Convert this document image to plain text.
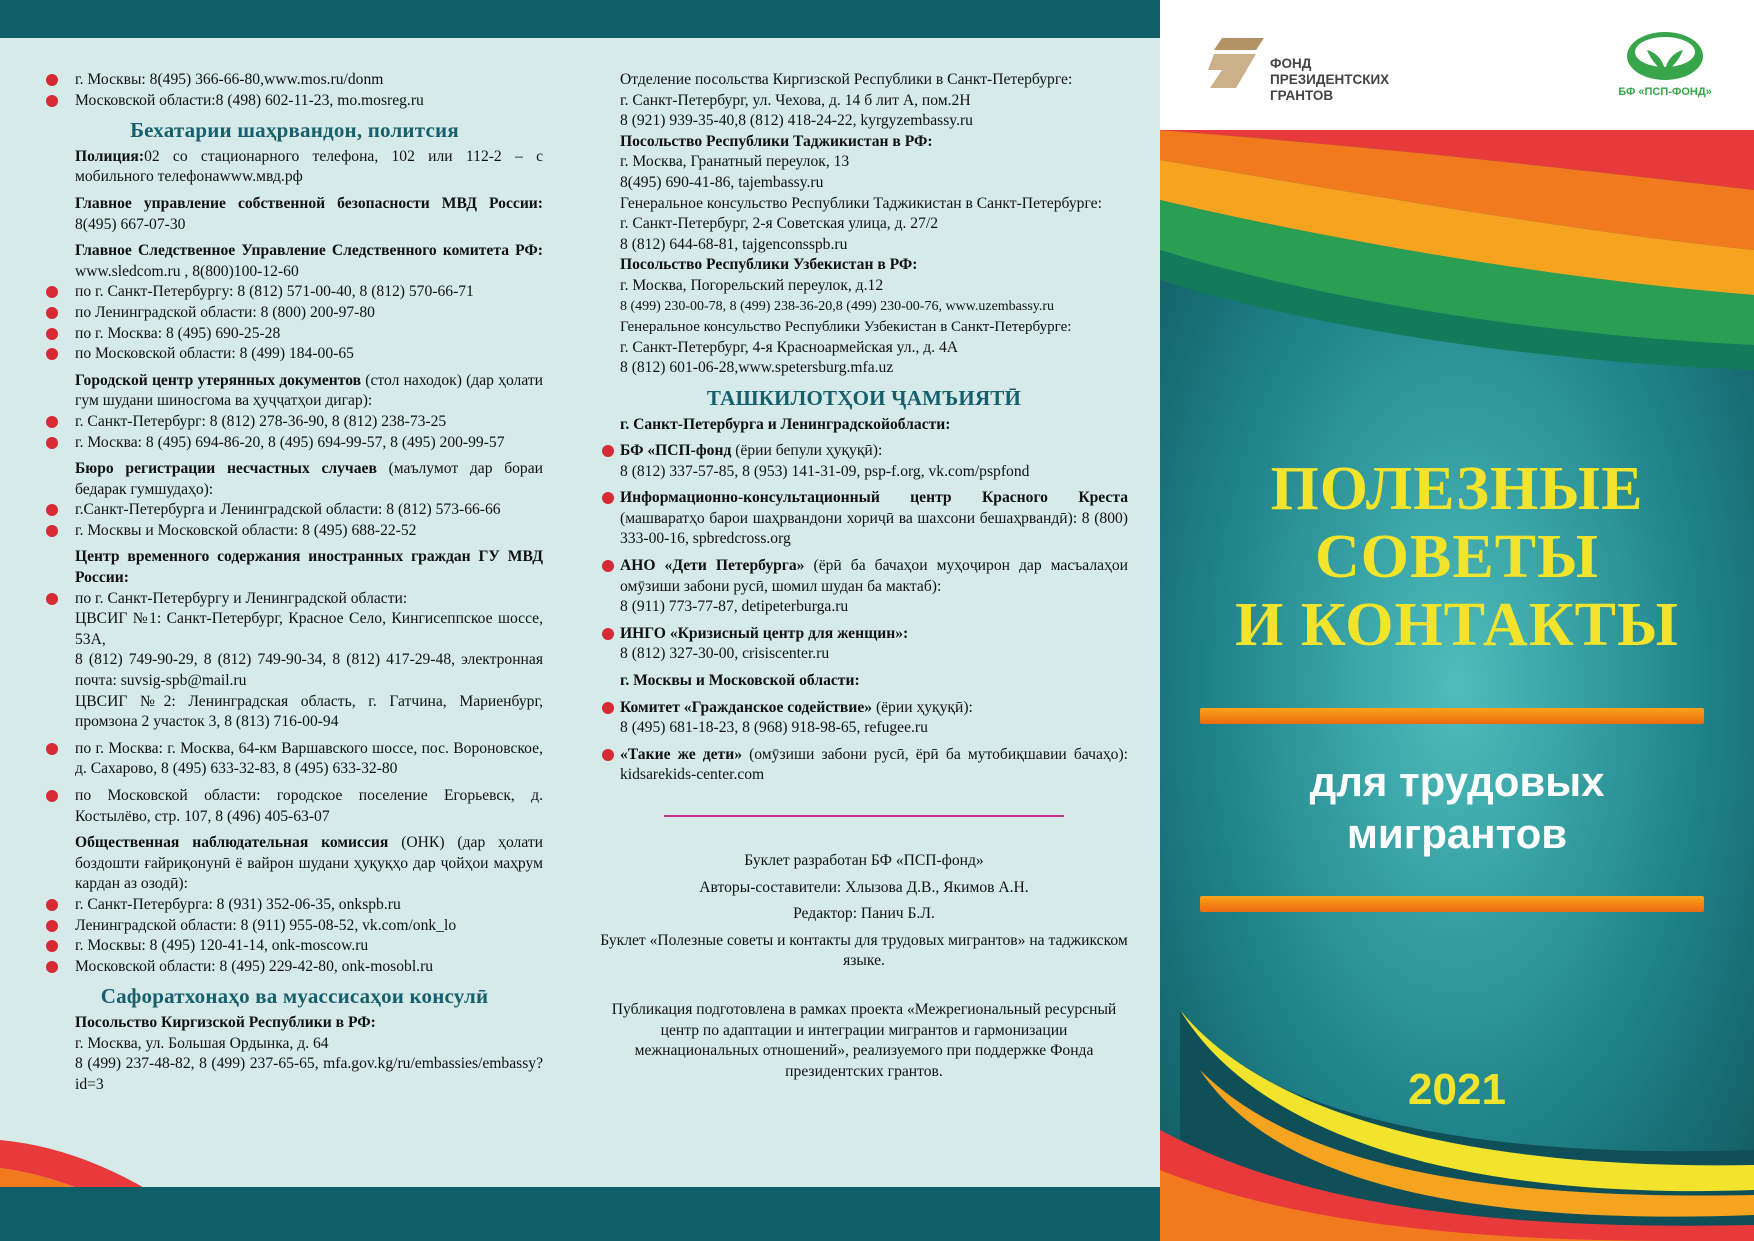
г. Москвы: 8(495) 366-66-80,www.mos.ru/donm

Московской области:8 (498) 602-11-23, mo.mosreg.ru

Бехатарии шаҳрвандон, политсия

Полиция:02 со стационарного телефона, 102 или 112-2 – с мобильного телефонаwww.мвд.рф

Главное управление собственной безопасности МВД России: 8(495) 667-07-30

Главное Следственное Управление Следственного комитета РФ: www.sledcom.ru , 8(800)100-12-60

по г. Санкт-Петербургу: 8 (812) 571-00-40, 8 (812) 570-66-71

по Ленинградской области: 8 (800) 200-97-80

по г. Москва: 8 (495) 690-25-28

по Московской области: 8 (499) 184-00-65

Городской центр утерянных документов (стол находок) (дар ҳолати гум шудани шиносгома ва ҳуҷҷатҳои дигар):

г. Санкт-Петербург: 8 (812) 278-36-90, 8 (812) 238-73-25

г. Москва: 8 (495) 694-86-20, 8 (495) 694-99-57, 8 (495) 200-99-57

Бюро регистрации несчастных случаев (маълумот дар бораи бедарак гумшудаҳо):

г.Санкт-Петербурга и Ленинградской области: 8 (812) 573-66-66

г. Москвы и Московской области: 8 (495) 688-22-52

Центр временного содержания иностранных граждан ГУ МВД России:

по г. Санкт-Петербургу и Ленинградской области:

ЦВСИГ №1: Санкт-Петербург, Красное Село, Кингисеппское шоссе, 53А,

8 (812) 749-90-29, 8 (812) 749-90-34, 8 (812) 417-29-48, электронная почта: suvsig-spb@mail.ru

ЦВСИГ №2: Ленинградская область, г. Гатчина, Мариенбург, промзона 2 участок 3, 8 (813) 716-00-94

по г. Москва: г. Москва, 64-км Варшавского шоссе, пос. Вороновское, д. Сахарово, 8 (495) 633-32-83, 8 (495) 633-32-80

по Московской области: городское поселение Егорьевск, д. Костылёво, стр. 107, 8 (496) 405-63-07

Общественная наблюдательная комиссия (ОНК) (дар ҳолати боздошти ғайриқонунӣ ё вайрон шудани ҳуқуқҳо дар ҷойҳои маҳрум кардан аз озодӣ):

г. Санкт-Петербурга: 8 (931) 352-06-35, onkspb.ru

Ленинградской области: 8 (911) 955-08-52, vk.com/onk_lo

г. Москвы: 8 (495) 120-41-14, onk-moscow.ru

Московской области: 8 (495) 229-42-80, onk-mosobl.ru

Сафоратхонаҳо ва муассисаҳои консулӣ

Посольство Киргизской Республики в РФ:

г. Москва, ул. Большая Ордынка, д. 64

8 (499) 237-48-82, 8 (499) 237-65-65, mfa.gov.kg/ru/embassies/embassy?id=3

Отделение посольства Киргизской Республики в Санкт-Петербурге:

г. Санкт-Петербург, ул. Чехова, д. 14 б лит А, пом.2Н

8 (921) 939-35-40,8 (812) 418-24-22, kyrgyzembassy.ru

Посольство Республики Таджикистан в РФ:

г. Москва, Гранатный переулок, 13

8(495) 690-41-86, tajembassy.ru

Генеральное консульство Республики Таджикистан в Санкт-Петербурге:

г. Санкт-Петербург, 2-я Советская улица, д. 27/2

8 (812) 644-68-81, tajgenconsspb.ru

Посольство Республики Узбекистан в РФ:

г. Москва, Погорельский переулок, д.12

8 (499) 230-00-78, 8 (499) 238-36-20,8 (499) 230-00-76, www.uzembassy.ru

Генеральное консульство Республики Узбекистан в Санкт-Петербурге:

г. Санкт-Петербург, 4-я Красноармейская ул., д. 4А

8 (812) 601-06-28,www.spetersburg.mfa.uz

ТАШКИЛОТҲОИ ҶАМЪИЯТӢ

г. Санкт-Петербурга и Ленинградскойобласти:

БФ «ПСП-фонд (ёрии бепули ҳуқуқӣ):

8 (812) 337-57-85, 8 (953) 141-31-09, psp-f.org, vk.com/pspfond

Информационно-консультационный центр Красного Креста (машваратҳо барои шаҳрвандони хориҷӣ ва шахсони бешаҳрвандӣ): 8 (800) 333-00-16, spbredcross.org

АНО «Дети Петербурга» (ёрӣ ба бачаҳои муҳоҷирон дар масъалаҳои омӯзиши забони русӣ, шомил шудан ба мактаб):

8 (911) 773-77-87, detipeterburga.ru

ИНГО «Кризисный центр для женщин»:

8 (812) 327-30-00, crisiscenter.ru

г. Москвы и Московской области:

Комитет «Гражданское содействие» (ёрии ҳуқуқӣ):

8 (495) 681-18-23, 8 (968) 918-98-65, refugee.ru

«Такие же дети» (омӯзиши забони русӣ, ёрӣ ба мутобиқшавии бачаҳо): kidsarekids-center.com

Буклет разработан БФ «ПСП-фонд»

Авторы-составители: Хлызова Д.В., Якимов А.Н.

Редактор: Панич Б.Л.

Буклет «Полезные советы и контакты для трудовых мигрантов» на таджикском языке.

Публикация подготовлена в рамках проекта «Межрегиональный ресурсный центр по адаптации и интеграции мигрантов и гармонизации межнациональных отношений», реализуемого при поддержке Фонда президентских грантов.

ФОНД
ПРЕЗИДЕНТСКИХ
ГРАНТОВ	БФ «ПСП-ФОНД»
ПОЛЕЗНЫЕ
СОВЕТЫ
И КОНТАКТЫ
для трудовых
мигрантов
2021
